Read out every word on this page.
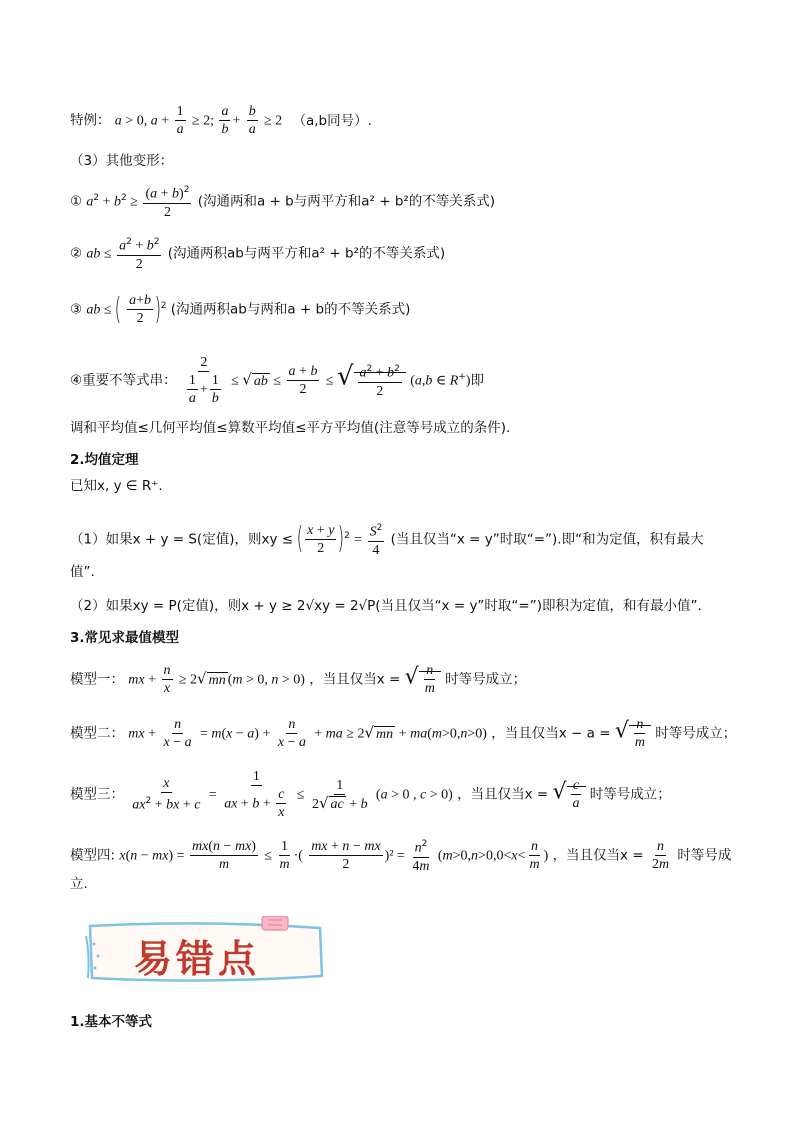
特例： a > 0, $a + \frac{1}{a} \ge 2$; $\frac{a}{b} + \frac{b}{a} \ge 2$ （a,b同号）.
（3）其他变形：
① $a^2 + b^2 \ge \frac{(a + b)^2}{2}$ (沟通两和a + b与两平方和a² + b²的不等关系式)
② ab ≤ $\frac{a^2 + b^2}{2}$ (沟通两积ab与两平方和a² + b²的不等关系式)
③ ab ≤ ( $\frac{a+b}{2} )^2$ (沟通两积ab与两和a + b的不等关系式)
④重要不等式串： $\frac{2}{\frac{1}{a} + \frac{1}{b}}$ ≤ √ ab ≤ $\frac{a + b}{2}$ ≤ √ $\frac{a^2 + b^2}{2} (a,b$ ∈ R+)即
调和平均值≤几何平均值≤算数平均值≤平方平均值(注意等号成立的条件).
2.均值定理
已知x, y ∈ R⁺.
（1）如果x + y = S(定值)，则xy ≤ ( $\frac{x + y}{2} )^2 = \frac{S^2}{4}$ (当且仅当“x = y”时取“=”).即“和为定值，积有最大
值”.
（2）如果xy = P(定值)，则x + y ≥ 2√xy = 2√P(当且仅当“x = y”时取“=”)即积为定值，和有最小值”.
3.常见求最值模型
模型一： mx + $\frac{n}{x} \ge 2√$ mn (m > 0, n > 0) ，当且仅当x = √ $\frac{n}{m}$ 时等号成立；
模型二： mx + $\frac{n}{x - a} = m(x - a) + \frac{n}{x - a}$ + ma ≥ 2√ mn + ma(m>0,n>0) ，当且仅当x − a = √ $\frac{n}{m}$ 时等号成立；
模型三： $\frac{x}{ax^2 + bx + c} = \frac{1}{ax + b + \frac{c}{x}} \le \frac{1}{2√ ac + b} (a > 0$ , c > 0) ，当且仅当x = √ $\frac{c}{a}$ 时等号成立；
模型四: $x(n - mx) = \frac{mx(n - mx)}{m} \le \frac{1}{m}$ ·( $\frac{mx + n - mx}{2} )^2 = \frac{n^2}{4m} (m>0,n>0,0<x< \frac{n}{m}$ ) ，当且仅当$x = \frac{n}{2m}$ 时等号成
立.
易错点
1.基本不等式
